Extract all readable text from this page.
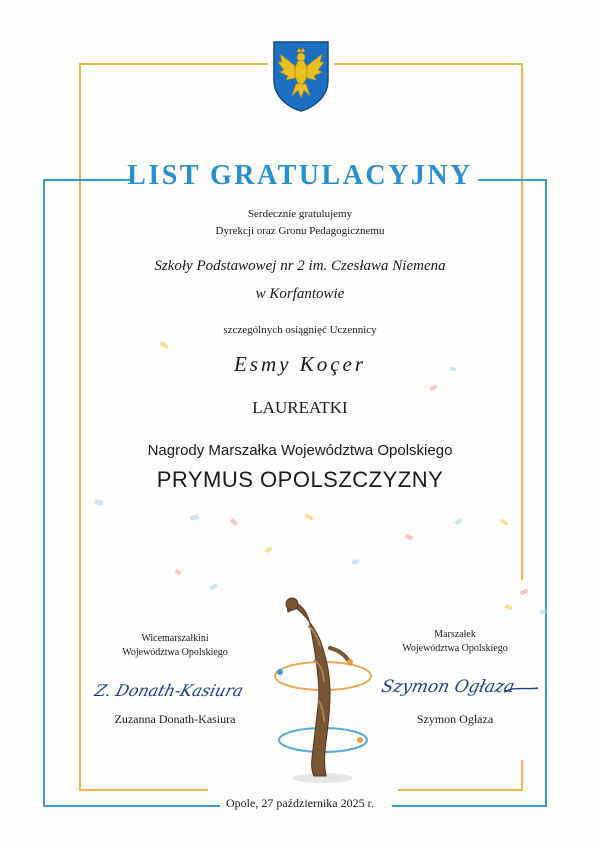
LIST GRATULACYJNY
Serdecznie gratulujemy
Dyrekcji oraz Gronu Pedagogicznemu
Szkoły Podstawowej nr 2 im. Czesława Niemena
w Korfantowie
szczególnych osiągnięć Uczennicy
Esmy Koçer
LAUREATKI
Nagrody Marszałka Województwa Opolskiego
PRYMUS OPOLSZCZYZNY
Wicemarszałkini
Województwa Opolskiego
Z. Donath-Kasiura
Zuzanna Donath-Kasiura
Marszałek
Województwa Opolskiego
Szymon Ogłaza
Szymon Ogłaza
Opole, 27 października 2025 r.
